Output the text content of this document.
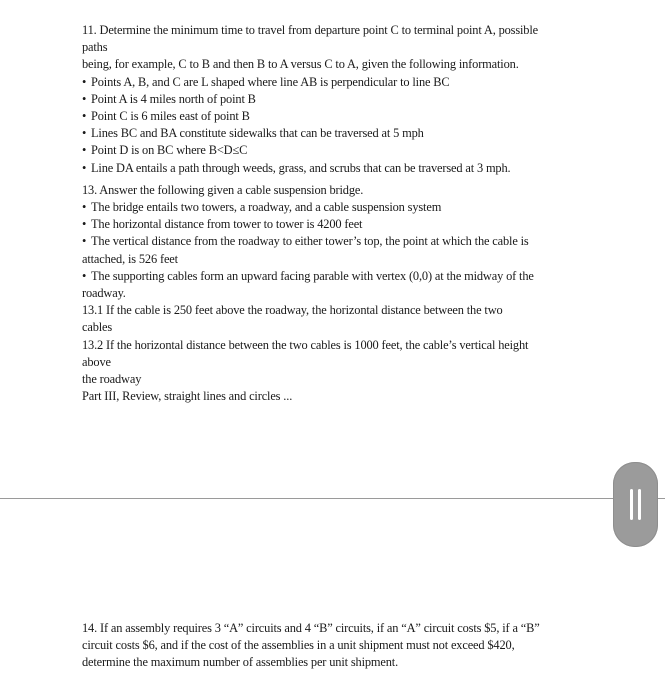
11. Determine the minimum time to travel from departure point C to terminal point A, possible
paths
being, for example, C to B and then B to A versus C to A, given the following information.
• Points A, B, and C are L shaped where line AB is perpendicular to line BC
• Point A is 4 miles north of point B
• Point C is 6 miles east of point B
• Lines BC and BA constitute sidewalks that can be traversed at 5 mph
• Point D is on BC where B<D≤C
• Line DA entails a path through weeds, grass, and scrubs that can be traversed at 3 mph.
13. Answer the following given a cable suspension bridge.
• The bridge entails two towers, a roadway, and a cable suspension system
• The horizontal distance from tower to tower is 4200 feet
• The vertical distance from the roadway to either tower’s top, the point at which the cable is
attached, is 526 feet
• The supporting cables form an upward facing parable with vertex (0,0) at the midway of the
roadway.
13.1 If the cable is 250 feet above the roadway, the horizontal distance between the two
cables
13.2 If the horizontal distance between the two cables is 1000 feet, the cable’s vertical height
above
the roadway
Part III, Review, straight lines and circles ...
14. If an assembly requires 3 “A” circuits and 4 “B” circuits, if an “A” circuit costs $5, if a “B”
circuit costs $6, and if the cost of the assemblies in a unit shipment must not exceed $420,
determine the maximum number of assemblies per unit shipment.
